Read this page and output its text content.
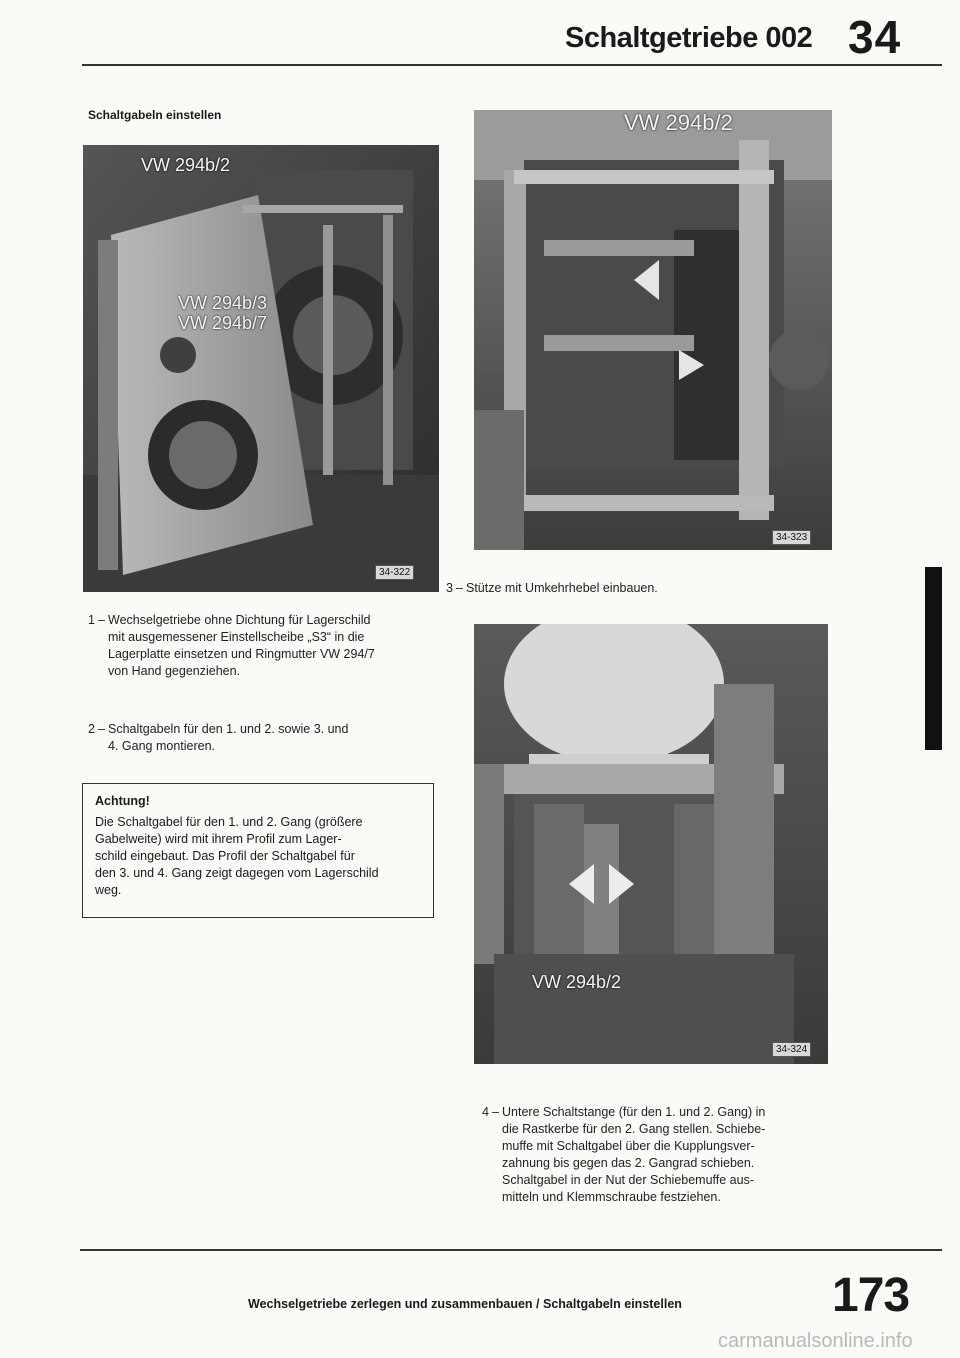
Schaltgetriebe 002 34
Schaltgabeln einstellen
VW 294b/2
VW 294b/3
VW 294b/7
34-322
VW 294b/2
34-323
3 – Stütze mit Umkehrhebel einbauen.
VW 294b/2
34-324
1 – Wechselgetriebe ohne Dichtung für Lagerschild
mit ausgemessener Einstellscheibe „S3“ in die
Lagerplatte einsetzen und Ringmutter VW 294/7
von Hand gegenziehen.
2 – Schaltgabeln für den 1. und 2. sowie 3. und
4. Gang montieren.
Achtung!
Die Schaltgabel für den 1. und 2. Gang (größere
Gabelweite) wird mit ihrem Profil zum Lager-
schild eingebaut. Das Profil der Schaltgabel für
den 3. und 4. Gang zeigt dagegen vom Lagerschild
weg.
4 – Untere Schaltstange (für den 1. und 2. Gang) in
die Rastkerbe für den 2. Gang stellen. Schiebe-
muffe mit Schaltgabel über die Kupplungsver-
zahnung bis gegen das 2. Gangrad schieben.
Schaltgabel in der Nut der Schiebemuffe aus-
mitteln und Klemmschraube festziehen.
Wechselgetriebe zerlegen und zusammenbauen / Schaltgabeln einstellen	173
carmanualsonline.info
